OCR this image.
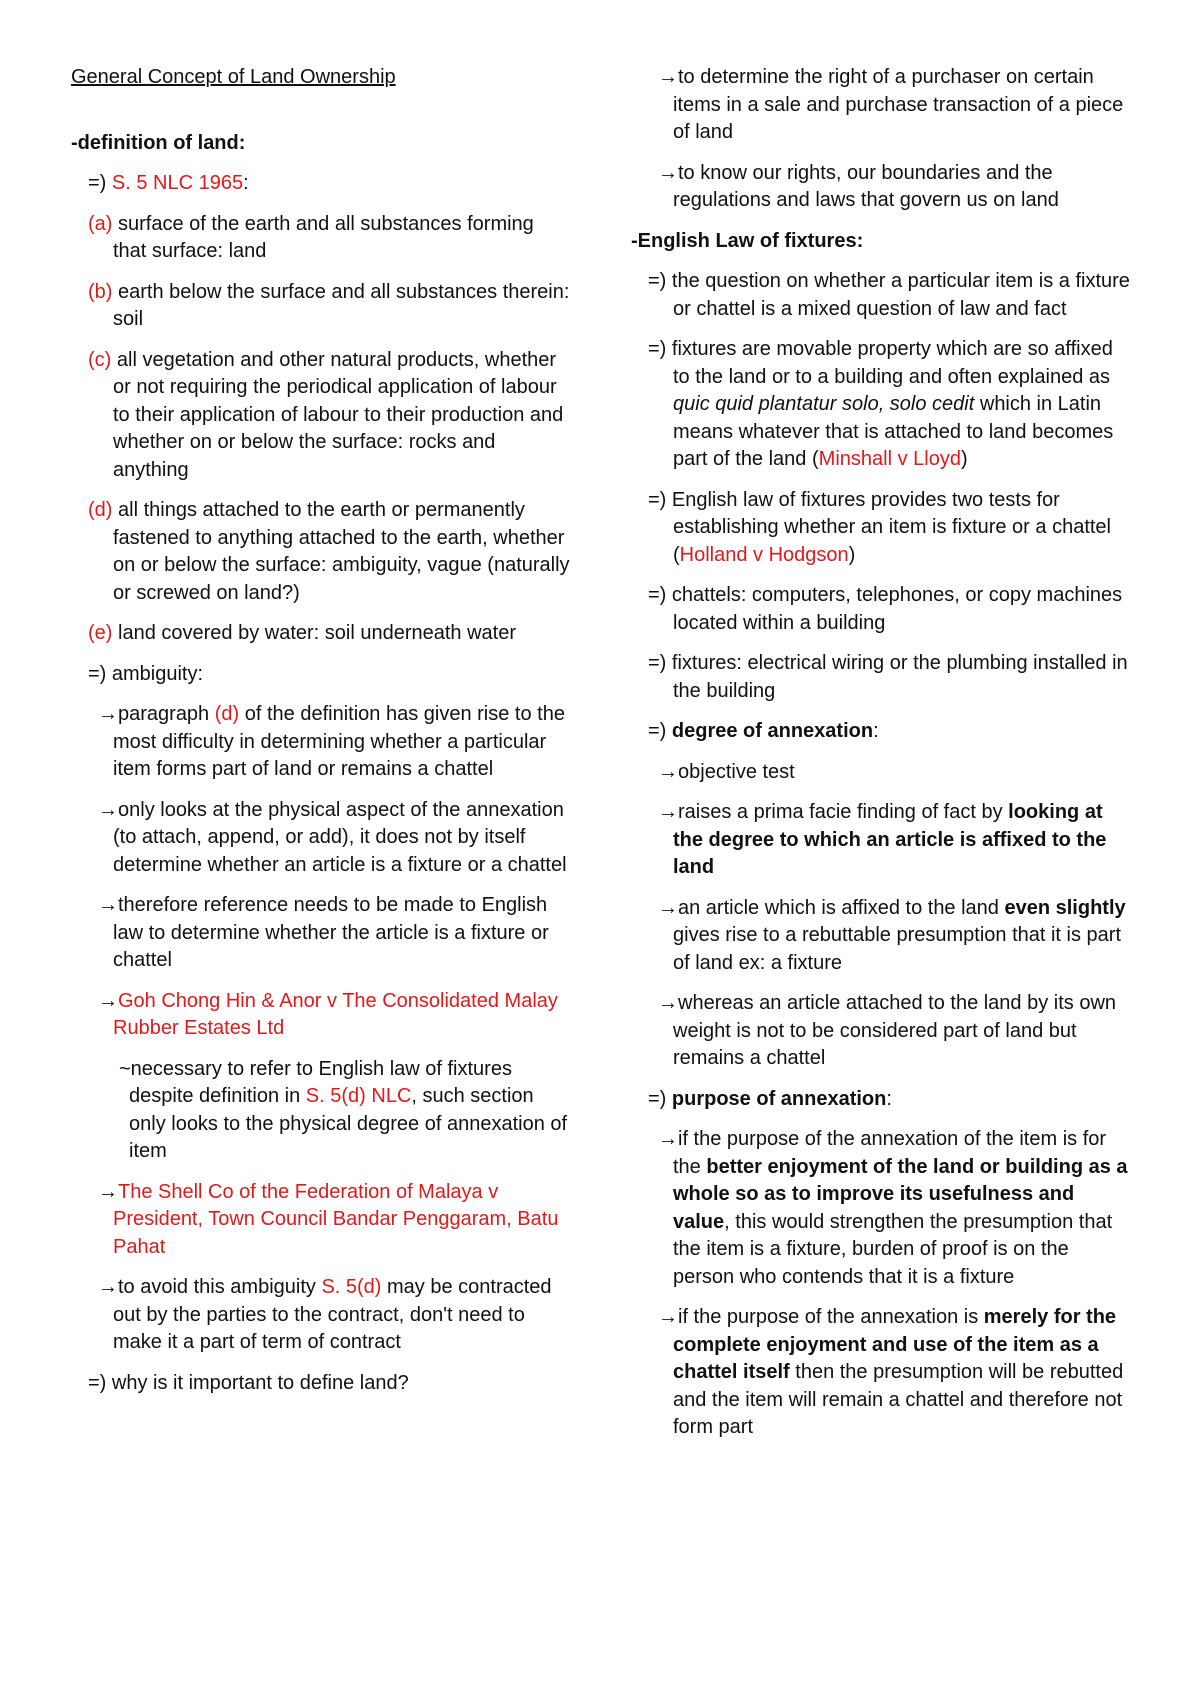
General Concept of Land Ownership

-definition of land:

=) S. 5 NLC 1965:

(a) surface of the earth and all substances forming that surface: land

(b) earth below the surface and all substances therein: soil

(c) all vegetation and other natural products, whether or not requiring the periodical application of labour to their application of labour to their production and whether on or below the surface: rocks and anything

(d) all things attached to the earth or permanently fastened to anything attached to the earth, whether on or below the surface: ambiguity, vague (naturally or screwed on land?)

(e) land covered by water: soil underneath water

=) ambiguity:

→paragraph (d) of the definition has given rise to the most difficulty in determining whether a particular item forms part of land or remains a chattel

→only looks at the physical aspect of the annexation (to attach, append, or add), it does not by itself determine whether an article is a fixture or a chattel

→therefore reference needs to be made to English law to determine whether the article is a fixture or chattel

→Goh Chong Hin & Anor v The Consolidated Malay Rubber Estates Ltd

~necessary to refer to English law of fixtures despite definition in S. 5(d) NLC, such section only looks to the physical degree of annexation of item

→The Shell Co of the Federation of Malaya v President, Town Council Bandar Penggaram, Batu Pahat

→to avoid this ambiguity S. 5(d) may be contracted out by the parties to the contract, don't need to make it a part of term of contract

=) why is it important to define land?

→to determine the right of a purchaser on certain items in a sale and purchase transaction of a piece of land

→to know our rights, our boundaries and the regulations and laws that govern us on land

-English Law of fixtures:

=) the question on whether a particular item is a fixture or chattel is a mixed question of law and fact

=) fixtures are movable property which are so affixed to the land or to a building and often explained as quic quid plantatur solo, solo cedit which in Latin means whatever that is attached to land becomes part of the land (Minshall v Lloyd)

=) English law of fixtures provides two tests for establishing whether an item is fixture or a chattel (Holland v Hodgson)

=) chattels: computers, telephones, or copy machines located within a building

=) fixtures: electrical wiring or the plumbing installed in the building

=) degree of annexation:

→objective test

→raises a prima facie finding of fact by looking at the degree to which an article is affixed to the land

→an article which is affixed to the land even slightly gives rise to a rebuttable presumption that it is part of land ex: a fixture

→whereas an article attached to the land by its own weight is not to be considered part of land but remains a chattel

=) purpose of annexation:

→if the purpose of the annexation of the item is for the better enjoyment of the land or building as a whole so as to improve its usefulness and value, this would strengthen the presumption that the item is a fixture, burden of proof is on the person who contends that it is a fixture

→if the purpose of the annexation is merely for the complete enjoyment and use of the item as a chattel itself then the presumption will be rebutted and the item will remain a chattel and therefore not form part
